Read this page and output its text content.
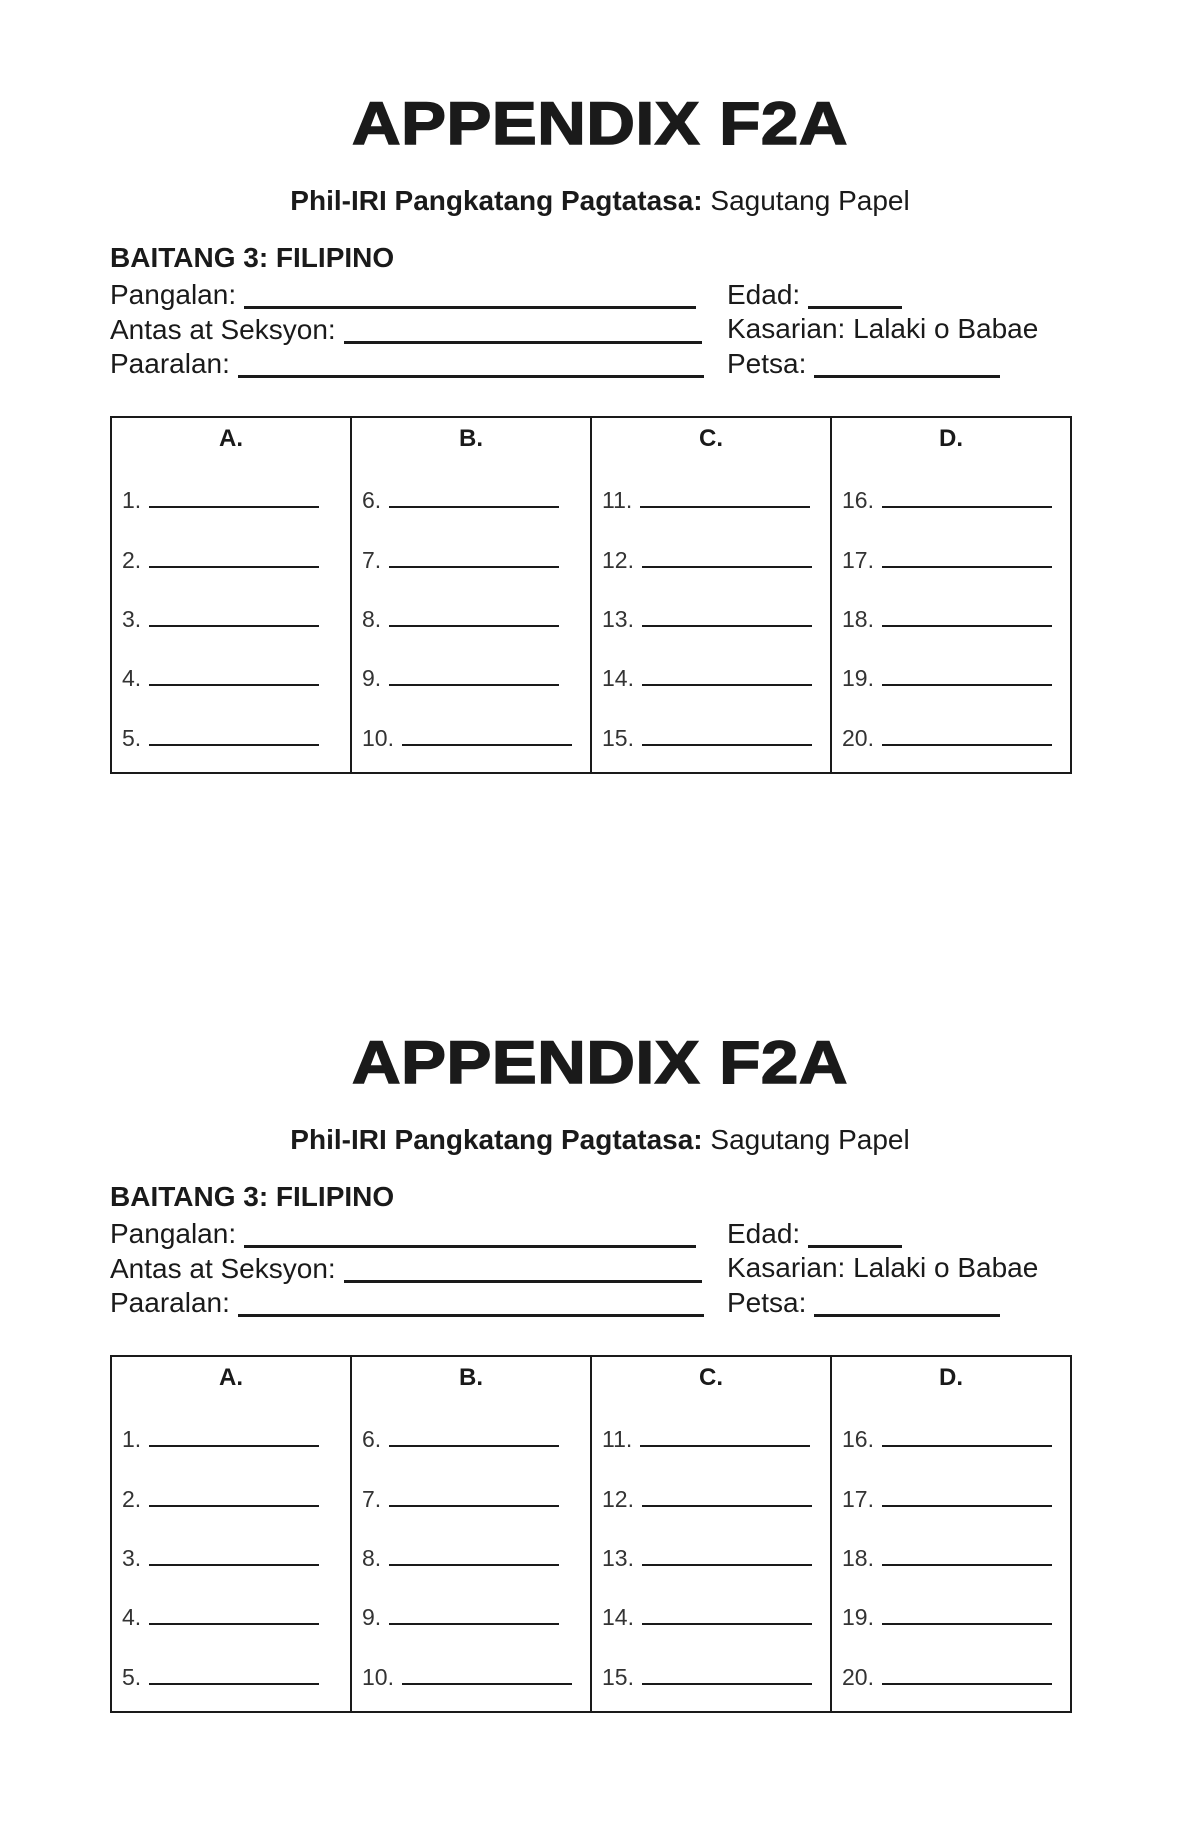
APPENDIX F2A
Phil-IRI Pangkatang Pagtatasa: Sagutang Papel
BAITANG 3: FILIPINO
Pangalan:
Antas at Seksyon:
Paaralan:
Edad:
Kasarian: Lalaki o Babae
Petsa:
A.
1.
2.
3.
4.
5.
B.
6.
7.
8.
9.
10.
C.
11.
12.
13.
14.
15.
D.
16.
17.
18.
19.
20.
APPENDIX F2A
Phil-IRI Pangkatang Pagtatasa: Sagutang Papel
BAITANG 3: FILIPINO
Pangalan:
Antas at Seksyon:
Paaralan:
Edad:
Kasarian: Lalaki o Babae
Petsa:
A.
1.
2.
3.
4.
5.
B.
6.
7.
8.
9.
10.
C.
11.
12.
13.
14.
15.
D.
16.
17.
18.
19.
20.
